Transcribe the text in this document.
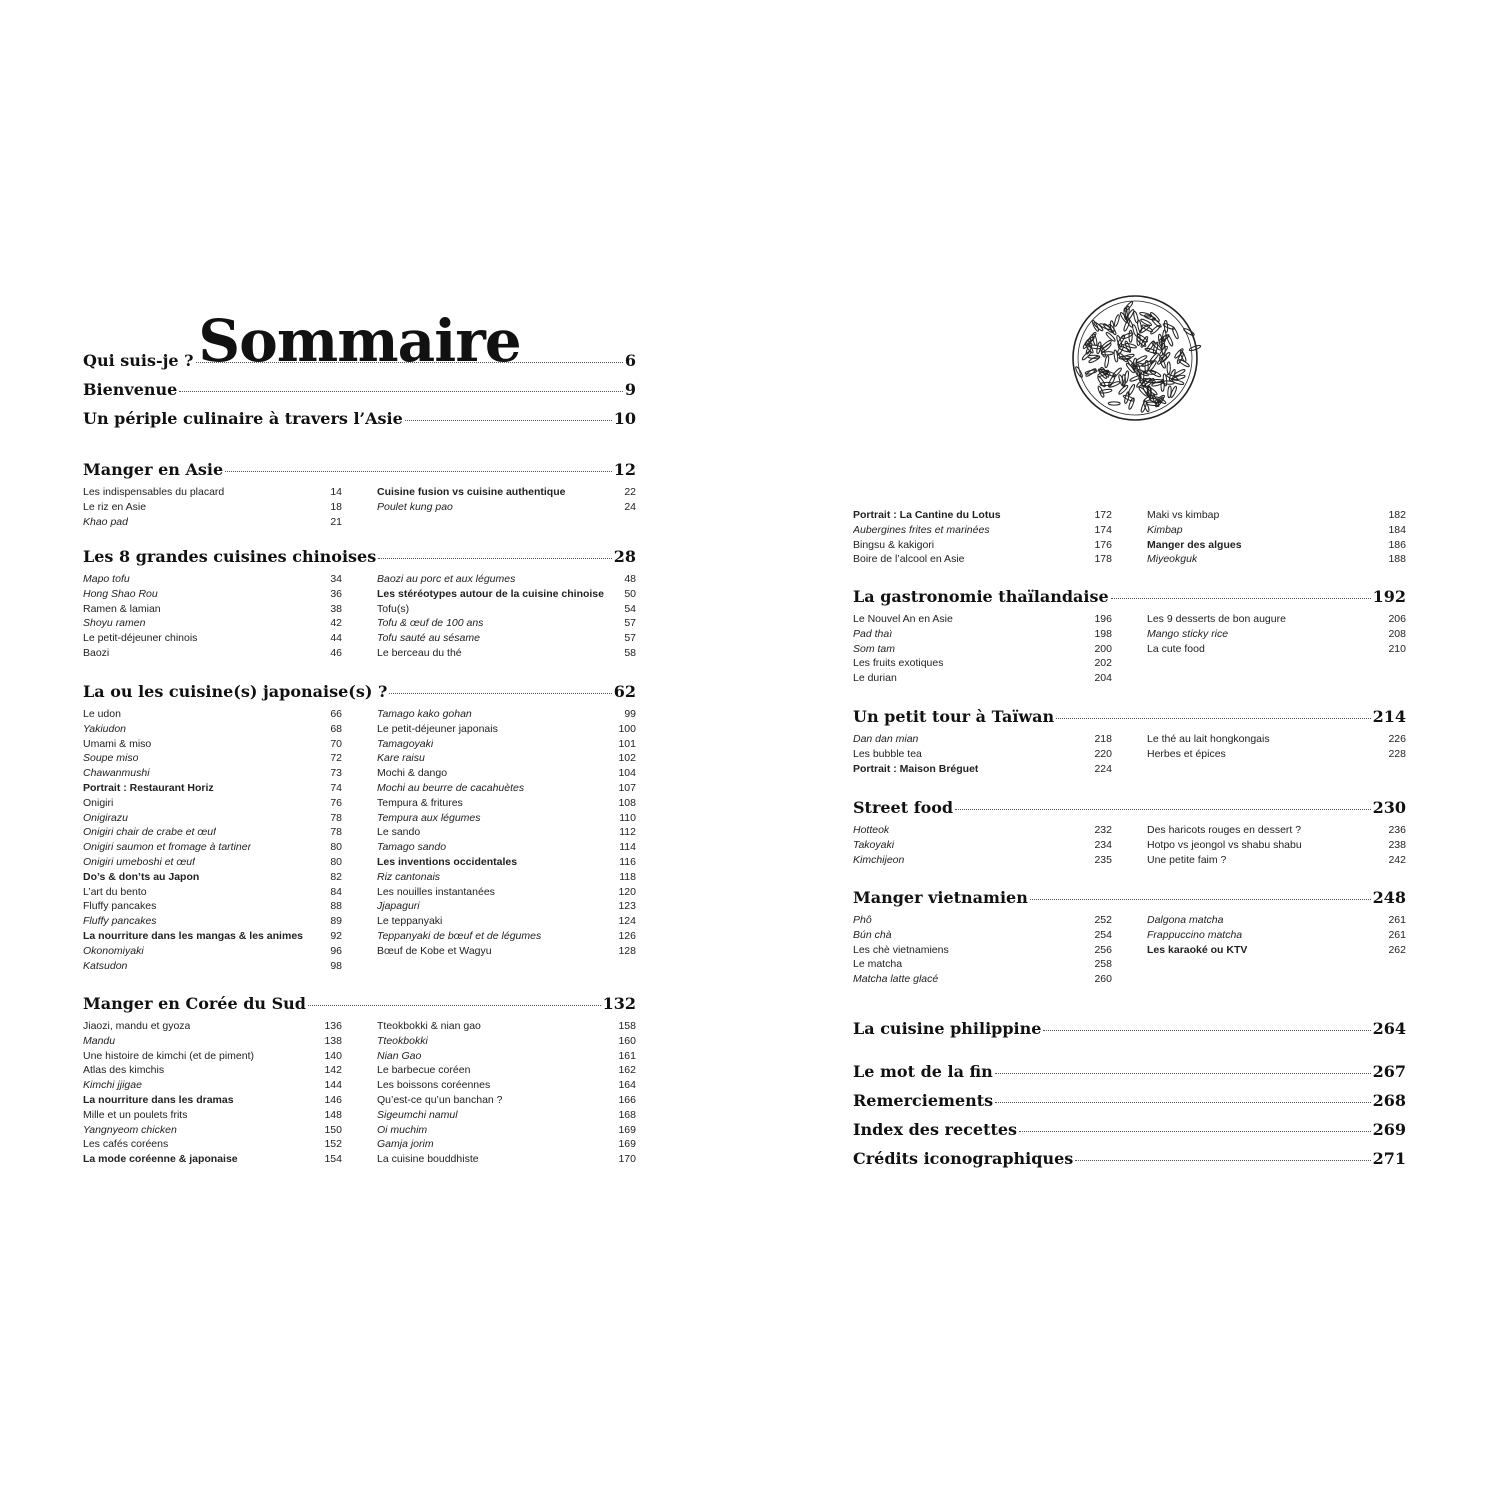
Sommaire
Qui suis-je ?	6
Bienvenue	9
Un périple culinaire à travers l’Asie	10
Manger en Asie	12
Les indispensables du placard	14
Le riz en Asie	18
Khao pad	21
Cuisine fusion vs cuisine authentique	22
Poulet kung pao	24
Les 8 grandes cuisines chinoises	28
Mapo tofu	34
Hong Shao Rou	36
Ramen & lamian	38
Shoyu ramen	42
Le petit-déjeuner chinois	44
Baozi	46
Baozi au porc et aux légumes	48
Les stéréotypes autour de la cuisine chinoise 50
Tofu(s)	54
Tofu & œuf de 100 ans	57
Tofu sauté au sésame	57
Le berceau du thé	58
La ou les cuisine(s) japonaise(s) ?	62
Le udon	66
Yakiudon	68
Umami & miso	70
Soupe miso	72
Chawanmushi	73
Portrait : Restaurant Horiz	74
Onigiri	76
Onigirazu	78
Onigiri chair de crabe et œuf	78
Onigiri saumon et fromage à tartiner	80
Onigiri umeboshi et œuf	80
Do’s & don’ts au Japon	82
L’art du bento	84
Fluffy pancakes	88
Fluffy pancakes	89
La nourriture dans les mangas & les animes	92
Okonomiyaki	96
Katsudon	98
Tamago kako gohan	99
Le petit-déjeuner japonais	100
Tamagoyaki	101
Kare raisu	102
Mochi & dango	104
Mochi au beurre de cacahuètes	107
Tempura & fritures	108
Tempura aux légumes	110
Le sando	112
Tamago sando	114
Les inventions occidentales	116
Riz cantonais	118
Les nouilles instantanées	120
Jjapaguri	123
Le teppanyaki	124
Teppanyaki de bœuf et de légumes	126
Bœuf de Kobe et Wagyu	128
Manger en Corée du Sud	132
Jiaozi, mandu et gyoza	136
Mandu	138
Une histoire de kimchi (et de piment)	140
Atlas des kimchis	142
Kimchi jjigae	144
La nourriture dans les dramas	146
Mille et un poulets frits	148
Yangnyeom chicken	150
Les cafés coréens	152
La mode coréenne & japonaise	154
Tteokbokki & nian gao	158
Tteokbokki	160
Nian Gao	161
Le barbecue coréen	162
Les boissons coréennes	164
Qu’est-ce qu’un banchan ?	166
Sigeumchi namul	168
Oi muchim	169
Gamja jorim	169
La cuisine bouddhiste	170
Portrait : La Cantine du Lotus	172
Aubergines frites et marinées	174
Bingsu & kakigori	176
Boire de l’alcool en Asie	178
Maki vs kimbap	182
Kimbap	184
Manger des algues	186
Miyeokguk	188
La gastronomie thaïlandaise	192
Le Nouvel An en Asie	196
Pad thaï	198
Som tam	200
Les fruits exotiques	202
Le durian	204
Les 9 desserts de bon augure	206
Mango sticky rice	208
La cute food	210
Un petit tour à Taïwan	214
Dan dan mian	218
Les bubble tea	220
Portrait : Maison Bréguet	224
Le thé au lait hongkongais	226
Herbes et épices	228
Street food	230
Hotteok	232
Takoyaki	234
Kimchijeon	235
Des haricots rouges en dessert ?	236
Hotpo vs jeongol vs shabu shabu	238
Une petite faim ?	242
Manger vietnamien	248
Phô	252
Bún chà	254
Les chè vietnamiens	256
Le matcha	258
Matcha latte glacé	260
Dalgona matcha	261
Frappuccino matcha	261
Les karaoké ou KTV	262
La cuisine philippine	264
Le mot de la fin	267
Remerciements	268
Index des recettes	269
Crédits iconographiques	271
